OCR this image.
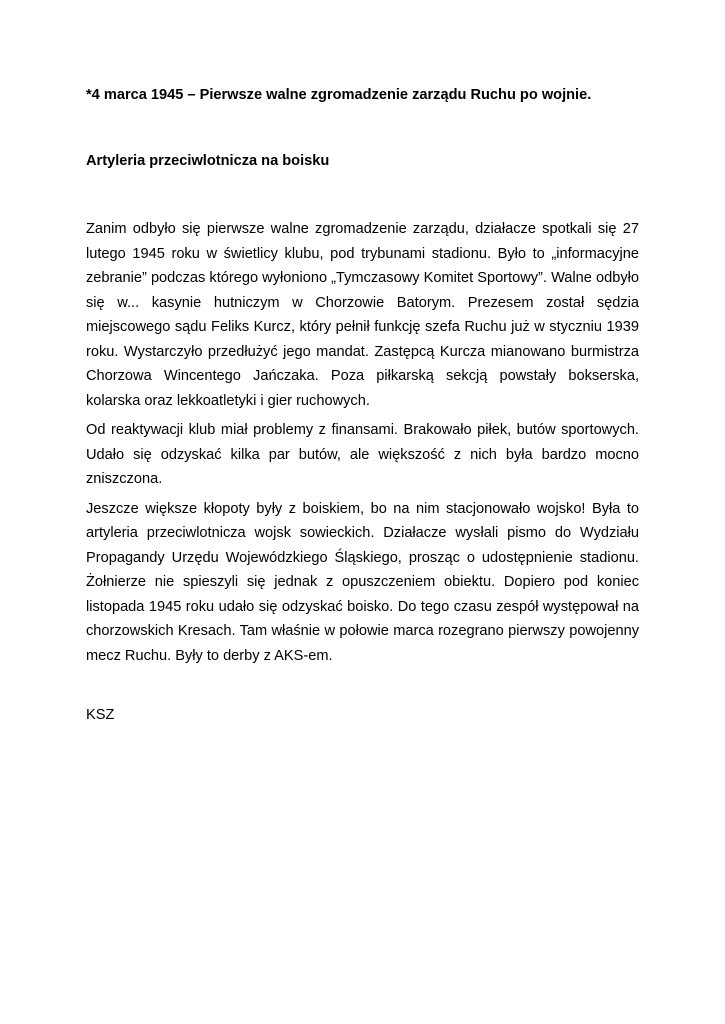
*4 marca 1945 – Pierwsze walne zgromadzenie zarządu Ruchu po wojnie.

Artyleria przeciwlotnicza na boisku

Zanim odbyło się pierwsze walne zgromadzenie zarządu, działacze spotkali się 27 lutego 1945 roku w świetlicy klubu, pod trybunami stadionu. Było to „informacyjne zebranie” podczas którego wyłoniono „Tymczasowy Komitet Sportowy”. Walne odbyło się w... kasynie hutniczym w Chorzowie Batorym. Prezesem został sędzia miejscowego sądu Feliks Kurcz, który pełnił funkcję szefa Ruchu już w styczniu 1939 roku. Wystarczyło przedłużyć jego mandat. Zastępcą Kurcza mianowano burmistrza Chorzowa Wincentego Jańczaka. Poza piłkarską sekcją powstały bokserska, kolarska oraz lekkoatletyki i gier ruchowych.

Od reaktywacji klub miał problemy z finansami. Brakowało piłek, butów sportowych. Udało się odzyskać kilka par butów, ale większość z nich była bardzo mocno zniszczona.

Jeszcze większe kłopoty były z boiskiem, bo na nim stacjonowało wojsko! Była to artyleria przeciwlotnicza wojsk sowieckich. Działacze wysłali pismo do Wydziału Propagandy Urzędu Wojewódzkiego Śląskiego, prosząc o udostępnienie stadionu. Żołnierze nie spieszyli się jednak z opuszczeniem obiektu. Dopiero pod koniec listopada 1945 roku udało się odzyskać boisko. Do tego czasu zespół występował na chorzowskich Kresach. Tam właśnie w połowie marca rozegrano pierwszy powojenny mecz Ruchu. Były to derby z AKS-em.

KSZ
